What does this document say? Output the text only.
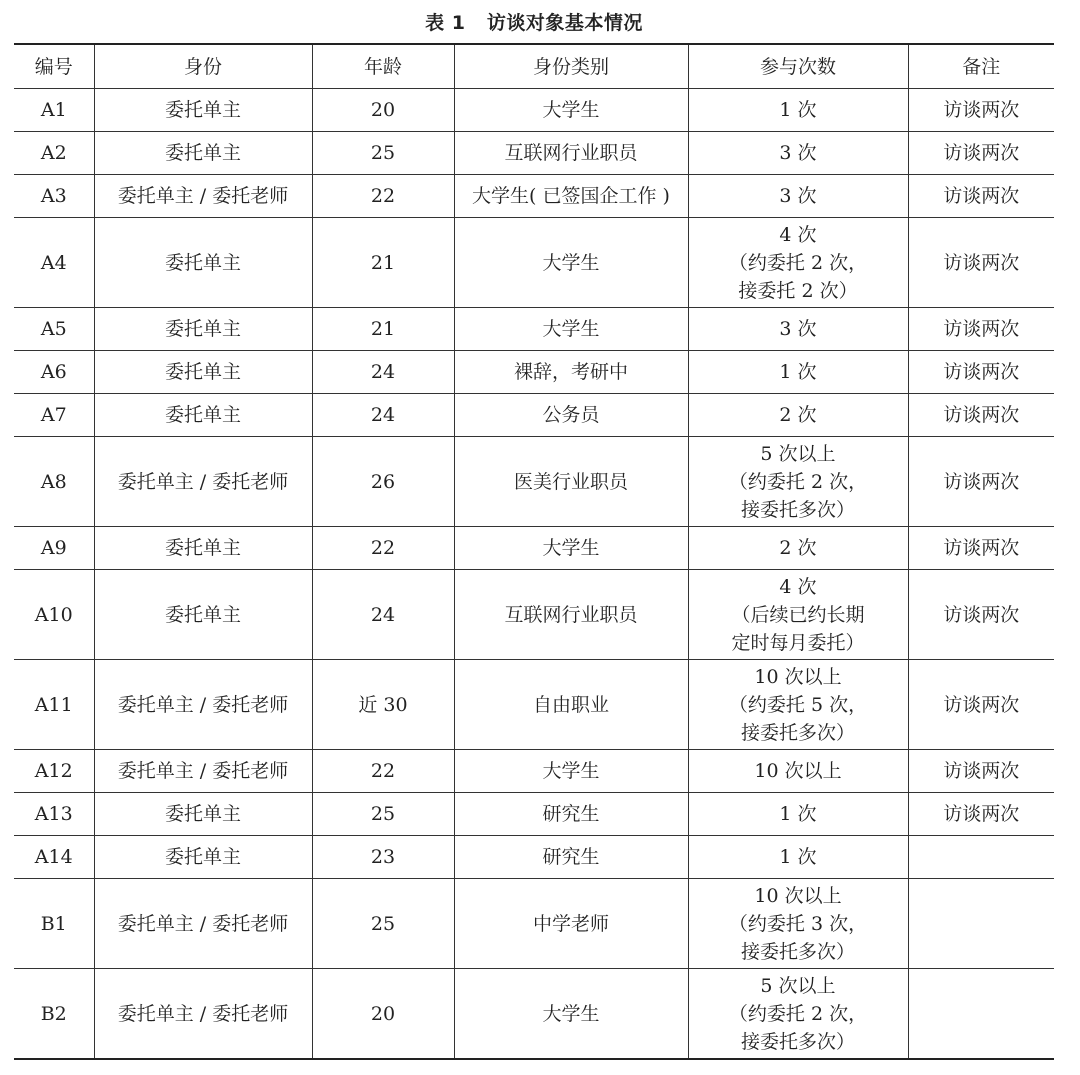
表 1   访谈对象基本情况
编号	身份	年龄	身份类别	参与次数	备注
A1	委托单主	20	大学生	1 次	访谈两次
A2	委托单主	25	互联网行业职员	3 次	访谈两次
A3	委托单主 / 委托老师	22	大学生( 已签国企工作 )	3 次	访谈两次
A4	委托单主	21	大学生	4 次
（约委托 2 次，
接委托 2 次）	访谈两次
A5	委托单主	21	大学生	3 次	访谈两次
A6	委托单主	24	裸辞，考研中	1 次	访谈两次
A7	委托单主	24	公务员	2 次	访谈两次
A8	委托单主 / 委托老师	26	医美行业职员	5 次以上
（约委托 2 次，
接委托多次）	访谈两次
A9	委托单主	22	大学生	2 次	访谈两次
A10	委托单主	24	互联网行业职员	4 次
（后续已约长期
定时每月委托）	访谈两次
A11	委托单主 / 委托老师	近 30	自由职业	10 次以上
（约委托 5 次，
接委托多次）	访谈两次
A12	委托单主 / 委托老师	22	大学生	10 次以上	访谈两次
A13	委托单主	25	研究生	1 次	访谈两次
A14	委托单主	23	研究生	1 次	

B1	委托单主 / 委托老师	25	中学老师	10 次以上
（约委托 3 次，
接委托多次）	

B2	委托单主 / 委托老师	20	大学生	5 次以上
（约委托 2 次，
接委托多次）	
